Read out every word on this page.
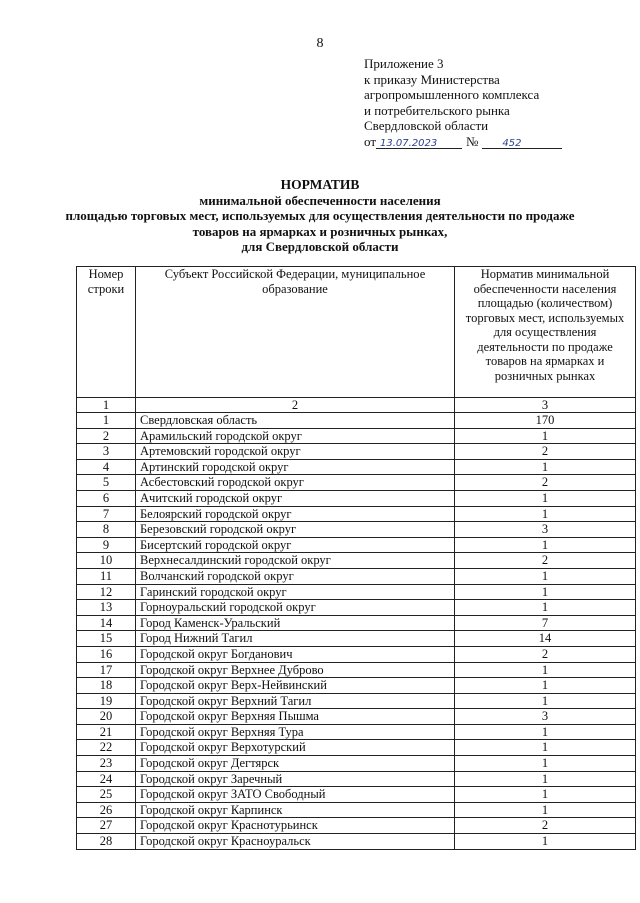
8
Приложение 3
к приказу Министерства
агропромышленного комплекса
и потребительского рынка
Свердловской области
от 13.07.2023	№	452
НОРМАТИВ
минимальной обеспеченности населения
площадью торговых мест, используемых для осуществления деятельности по продаже
товаров на ярмарках и розничных рынках,
для Свердловской области
Номер строки	Субъект Российской Федерации, муниципальное образование	Норматив минимальной обеспеченности населения площадью (количеством) торговых мест, используемых для осуществления деятельности по продаже товаров на ярмарках и розничных рынках
1	2	3
1	Свердловская область	170
2	Арамильский городской округ	1
3	Артемовский городской округ	2
4	Артинский городской округ	1
5	Асбестовский городской округ	2
6	Ачитский городской округ	1
7	Белоярский городской округ	1
8	Березовский городской округ	3
9	Бисертский городской округ	1
10	Верхнесалдинский городской округ	2
11	Волчанский городской округ	1
12	Гаринский городской округ	1
13	Горноуральский городской округ	1
14	Город Каменск-Уральский	7
15	Город Нижний Тагил	14
16	Городской округ Богданович	2
17	Городской округ Верхнее Дуброво	1
18	Городской округ Верх-Нейвинский	1
19	Городской округ Верхний Тагил	1
20	Городской округ Верхняя Пышма	3
21	Городской округ Верхняя Тура	1
22	Городской округ Верхотурский	1
23	Городской округ Дегтярск	1
24	Городской округ Заречный	1
25	Городской округ ЗАТО Свободный	1
26	Городской округ Карпинск	1
27	Городской округ Краснотурьинск	2
28	Городской округ Красноуральск	1
